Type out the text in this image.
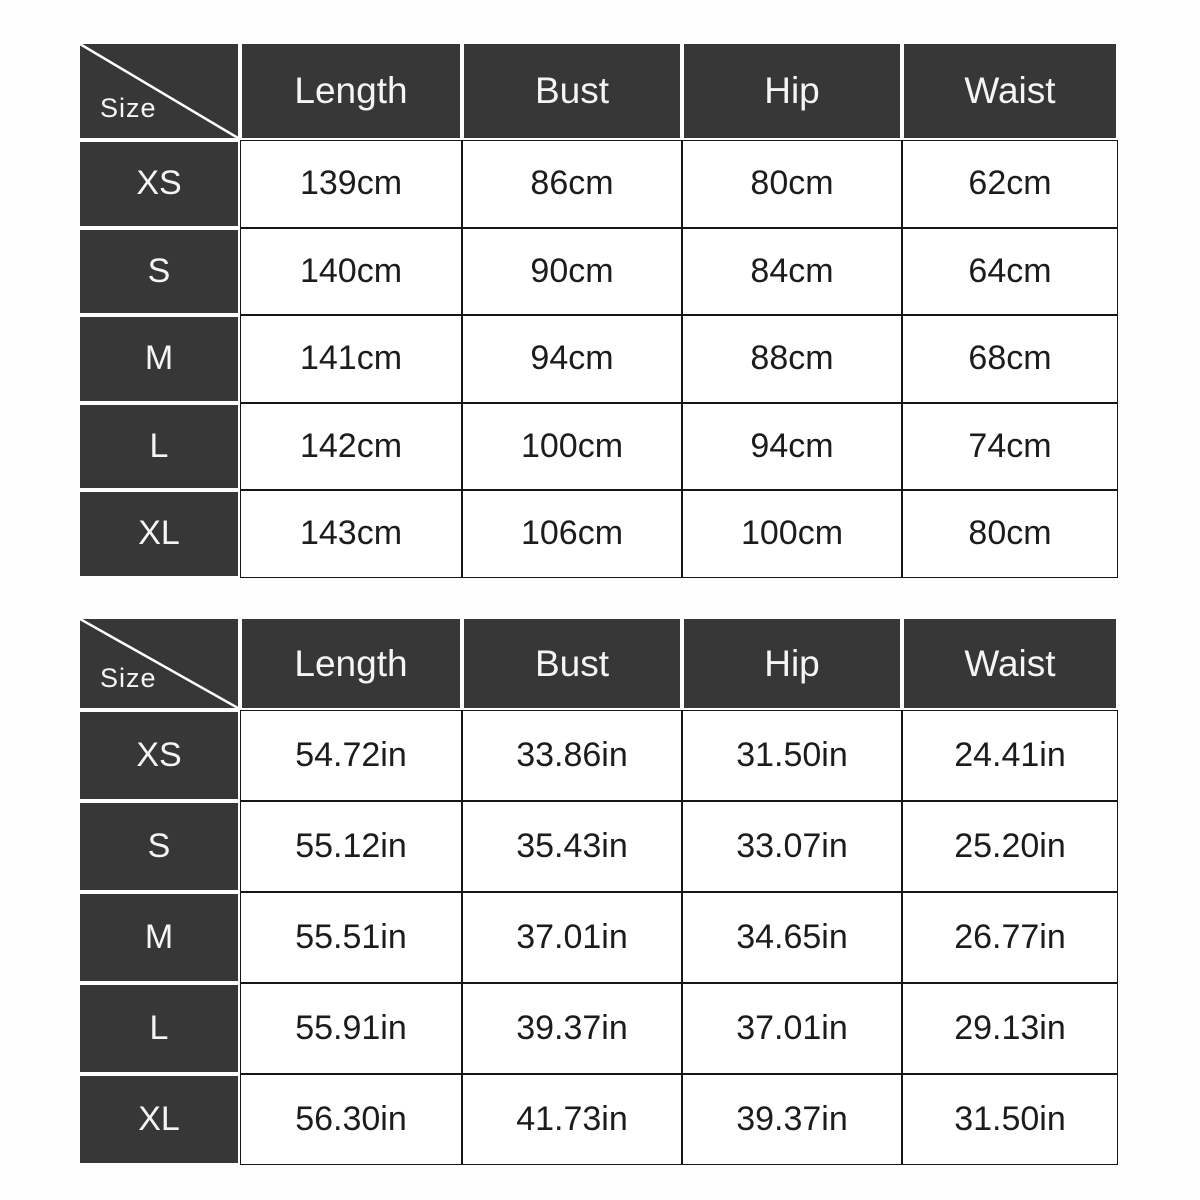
Size	Length	Bust	Hip	Waist
XS	139cm	86cm	80cm	62cm
S	140cm	90cm	84cm	64cm
M	141cm	94cm	88cm	68cm
L	142cm	100cm	94cm	74cm
XL	143cm	106cm	100cm	80cm
Size	Length	Bust	Hip	Waist
XS	54.72in	33.86in	31.50in	24.41in
S	55.12in	35.43in	33.07in	25.20in
M	55.51in	37.01in	34.65in	26.77in
L	55.91in	39.37in	37.01in	29.13in
XL	56.30in	41.73in	39.37in	31.50in
